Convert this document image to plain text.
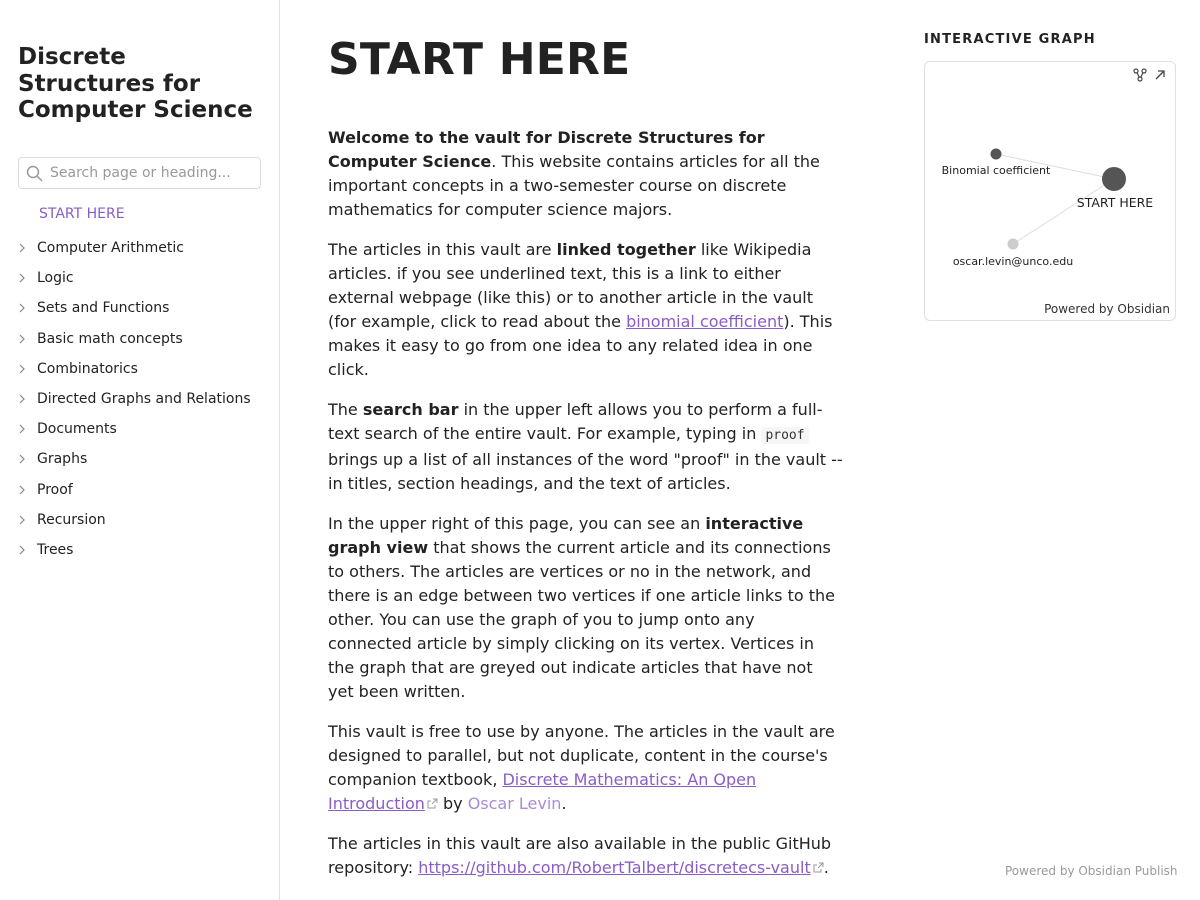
Discrete Structures for Computer Science
Search page or heading...
START HERE
Computer Arithmetic
Logic
Sets and Functions
Basic math concepts
Combinatorics
Directed Graphs and Relations
Documents
Graphs
Proof
Recursion
Trees
START HERE

Welcome to the vault for Discrete Structures for Computer Science. This website contains articles for all the important concepts in a two-semester course on discrete mathematics for computer science majors.

The articles in this vault are linked together like Wikipedia articles. if you see underlined text, this is a link to either external webpage (like this) or to another article in the vault (for example, click to read about the binomial coefficient). This makes it easy to go from one idea to any related idea in one click.

The search bar in the upper left allows you to perform a full-text search of the entire vault. For example, typing in proof brings up a list of all instances of the word "proof" in the vault -- in titles, section headings, and the text of articles.

In the upper right of this page, you can see an interactive graph view that shows the current article and its connections to others. The articles are vertices or no in the network, and there is an edge between two vertices if one article links to the other. You can use the graph of you to jump onto any connected article by simply clicking on its vertex. Vertices in the graph that are greyed out indicate articles that have not yet been written.

This vault is free to use by anyone. The articles in the vault are designed to parallel, but not duplicate, content in the course's companion textbook, Discrete Mathematics: An Open Introduction by Oscar Levin.

The articles in this vault are also available in the public GitHub repository: https://github.com/RobertTalbert/discretecs-vault .

INTERACTIVE GRAPH
Binomial coefficient
START HERE
oscar.levin@unco.edu
Powered by Obsidian
Powered by Obsidian Publish
